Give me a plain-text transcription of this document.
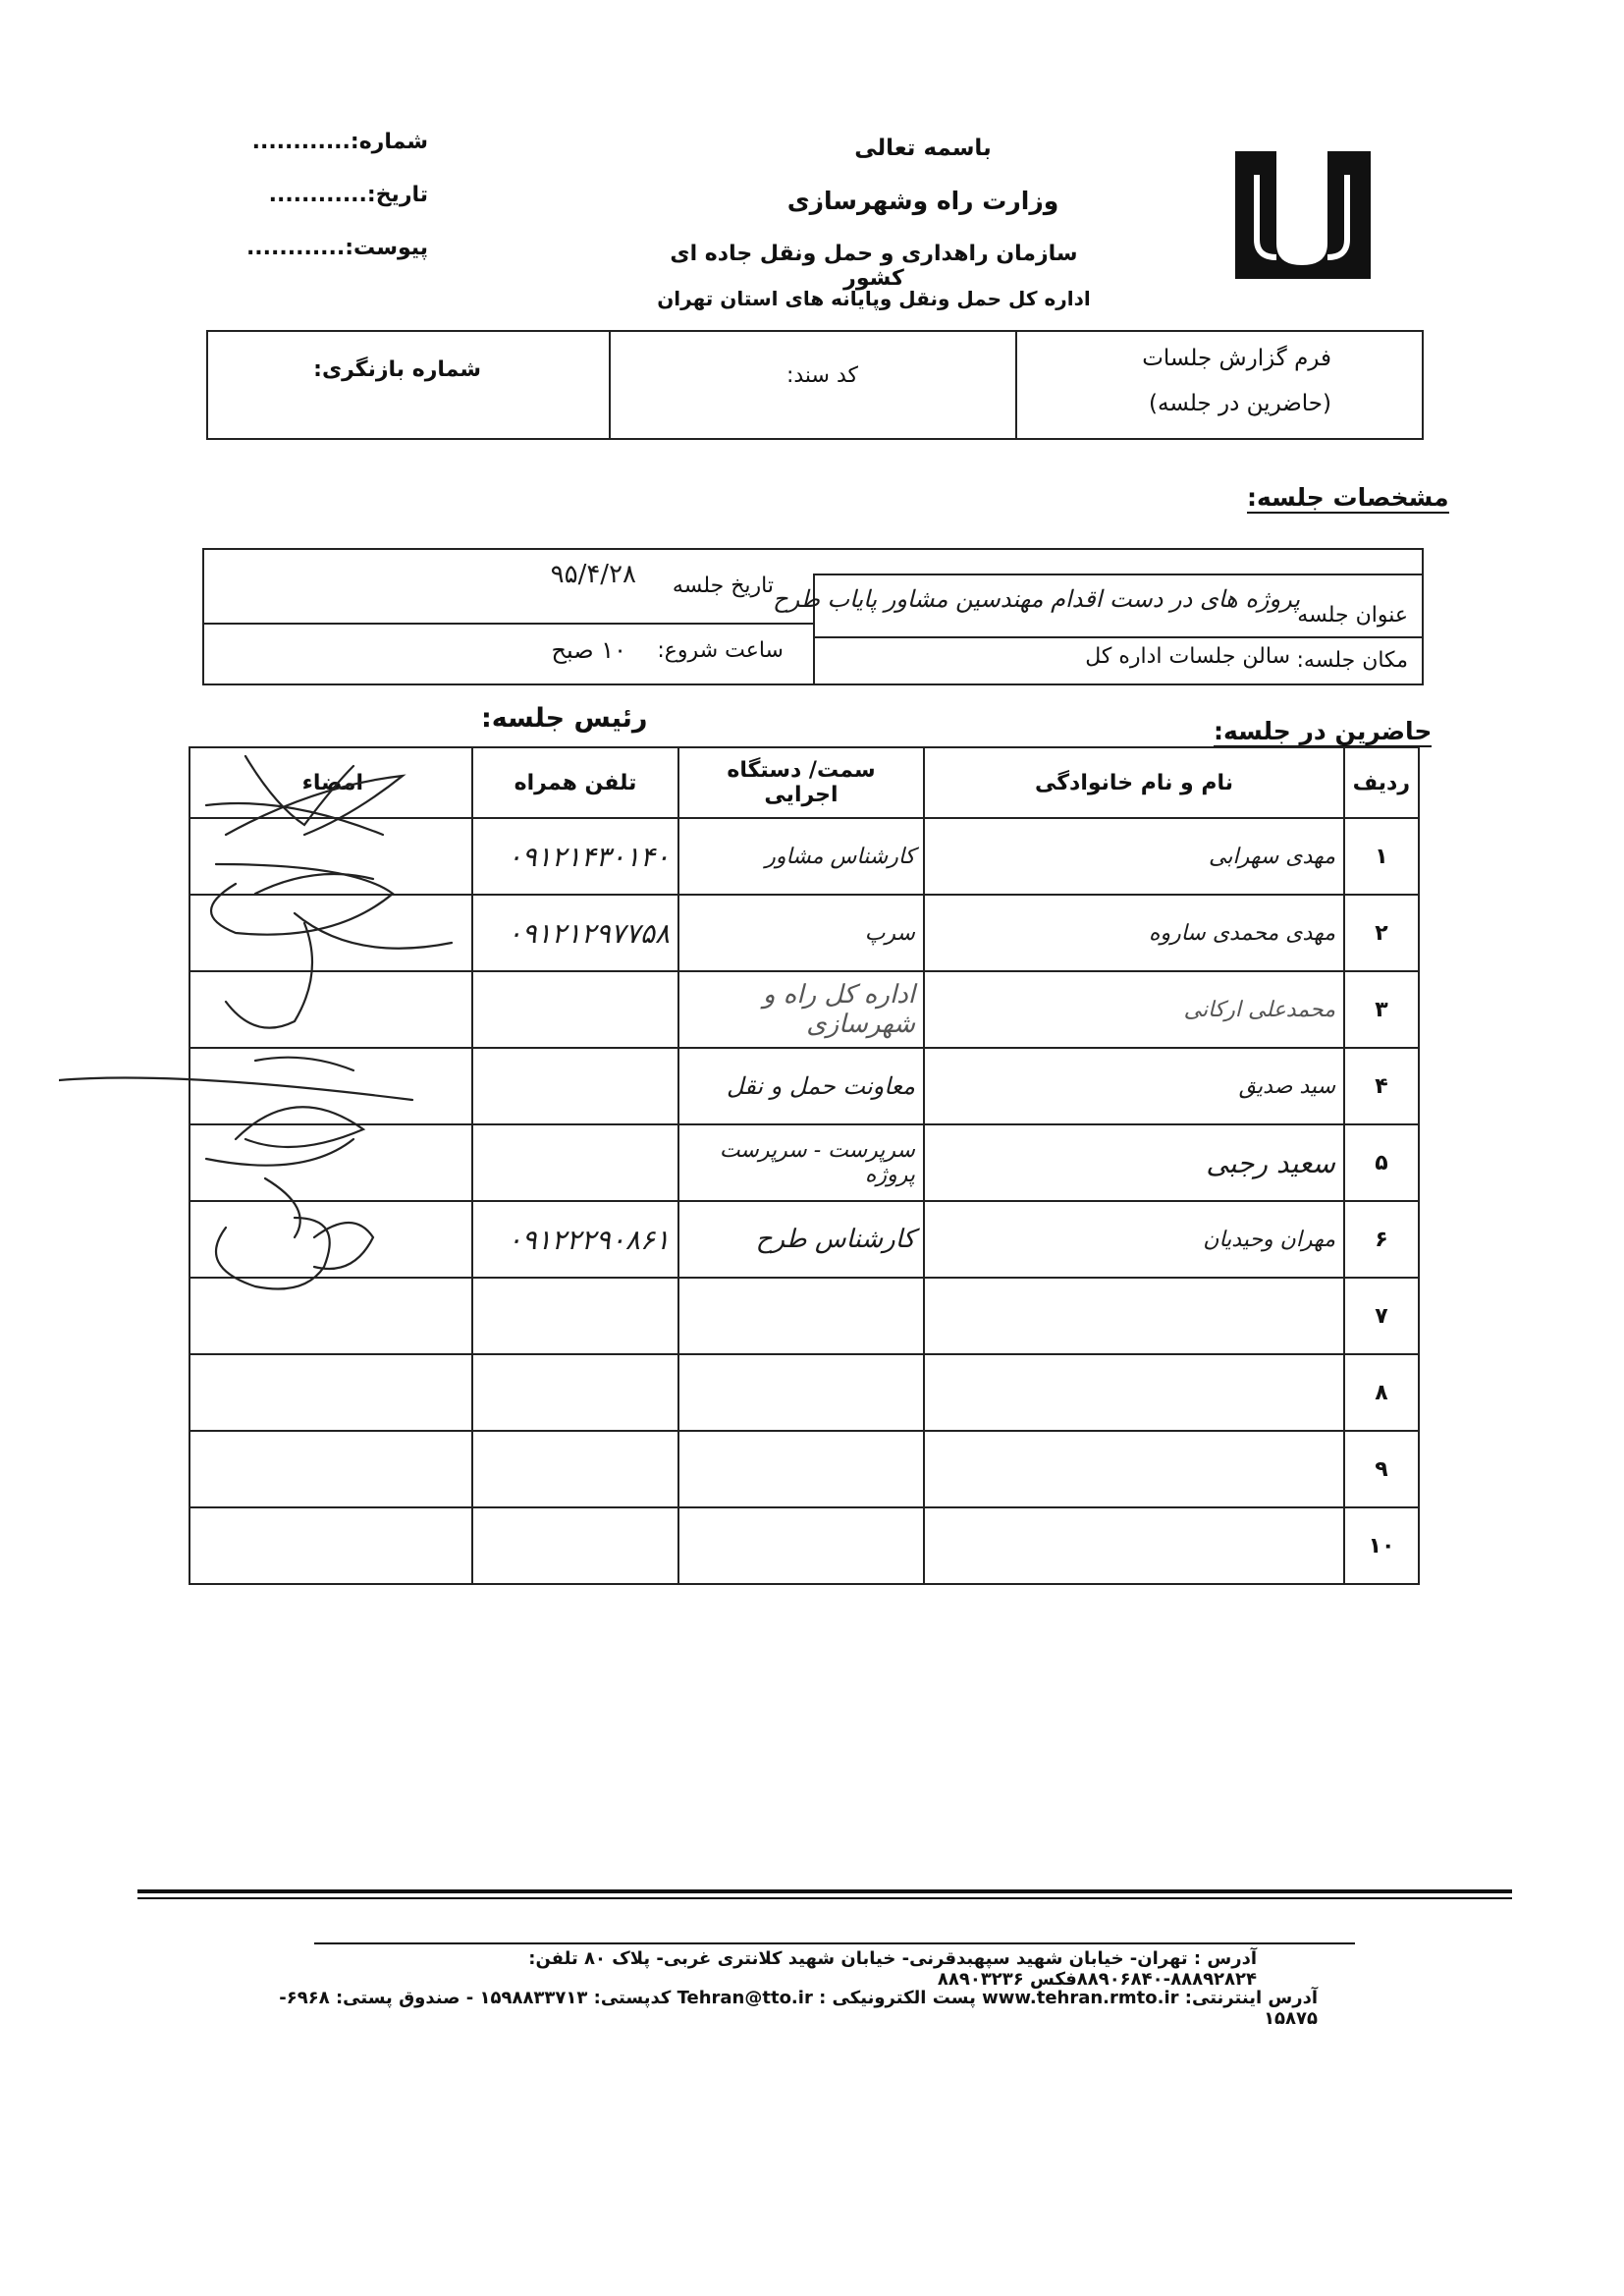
باسمه تعالی
وزارت راه وشهرسازی
سازمان راهداری و حمل ونقل جاده ای کشور
اداره کل حمل ونقل وپایانه های استان تهران
شماره:............
تاریخ:............
پیوست:............
شماره بازنگری:	کد سند:
فرم گزارش جلسات
(حاضرین در جلسه)
مشخصات جلسه:
تاریخ جلسه
۹۵/۴/۲۸
ساعت شروع:
۱۰ صبح
عنوان جلسه
پروژه های در دست اقدام مهندسین مشاور پایاب طرح
مکان جلسه:
سالن جلسات اداره کل
حاضرین در جلسه:
رئیس جلسه:
ردیف	نام و نام خانوادگی	سمت/ دستگاه اجرایی	تلفن همراه	امضاء
۱	مهدی سهرابی	کارشناس مشاور	۰۹۱۲۱۴۳۰۱۴۰	
۲	مهدی محمدی ساروه	سرپ	۰۹۱۲۱۲۹۷۷۵۸	
۳	محمدعلی ارکانی	اداره کل راه و شهرسازی		
۴	سید صدیق	معاونت حمل و نقل		
۵	سعید رجبی	سرپرست - سرپرست پروژه		
۶	مهران وحیدیان	کارشناس طرح	۰۹۱۲۲۲۹۰۸۶۱	
۷				
۸				
۹				
۱۰				
آدرس : تهران- خیابان شهید سپهبدقرنی- خیابان شهید کلانتری غربی- پلاک ۸۰ تلفن: ۸۸۸۹۲۸۲۴-۸۸۹۰۶۸۴۰فکس ۸۸۹۰۳۲۳۶
آدرس اینترنتی: www.tehran.rmto.ir پست الکترونیکی : Tehran@tto.ir کدپستی: ۱۵۹۸۸۳۳۷۱۳ - صندوق پستی: ۶۹۶۸- ۱۵۸۷۵
